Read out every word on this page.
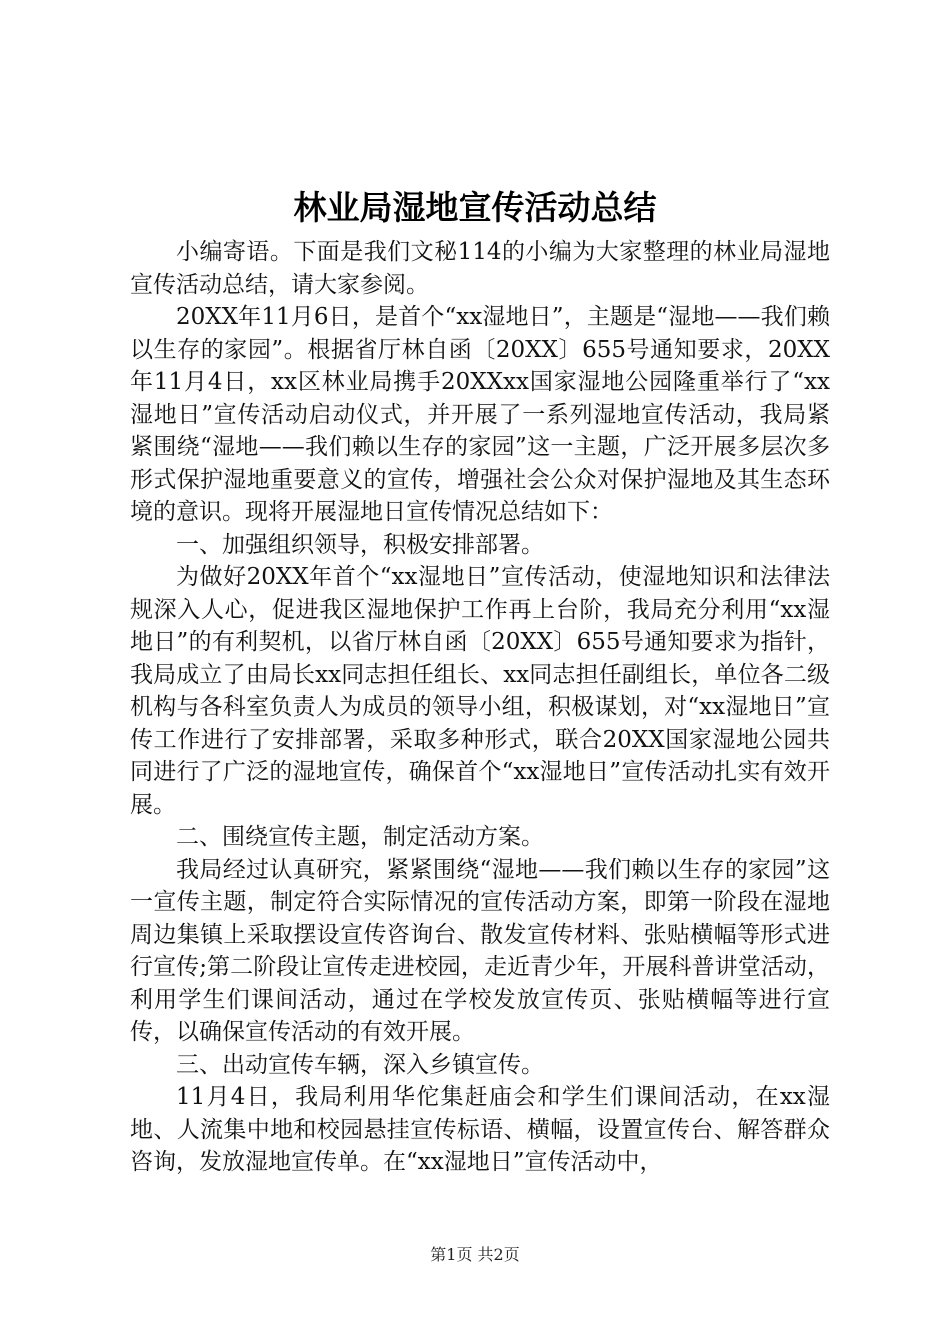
林业局湿地宣传活动总结

小编寄语。下面是我们文秘114的小编为大家整理的林业局湿地宣传活动总结，请大家参阅。

20XX年11月6日，是首个“xx湿地日”，主题是“湿地——我们赖以生存的家园”。根据省厅林自函〔20XX〕655号通知要求，20XX年11月4日，xx区林业局携手20XXxx国家湿地公园隆重举行了“xx湿地日”宣传活动启动仪式，并开展了一系列湿地宣传活动，我局紧紧围绕“湿地——我们赖以生存的家园”这一主题，广泛开展多层次多形式保护湿地重要意义的宣传，增强社会公众对保护湿地及其生态环境的意识。现将开展湿地日宣传情况总结如下：

一、加强组织领导，积极安排部署。

为做好20XX年首个“xx湿地日”宣传活动，使湿地知识和法律法规深入人心，促进我区湿地保护工作再上台阶，我局充分利用“xx湿地日”的有利契机，以省厅林自函〔20XX〕655号通知要求为指针，我局成立了由局长xx同志担任组长、xx同志担任副组长，单位各二级机构与各科室负责人为成员的领导小组，积极谋划，对“xx湿地日”宣传工作进行了安排部署，采取多种形式，联合20XX国家湿地公园共同进行了广泛的湿地宣传，确保首个“xx湿地日”宣传活动扎实有效开展。

二、围绕宣传主题，制定活动方案。

我局经过认真研究，紧紧围绕“湿地——我们赖以生存的家园”这一宣传主题，制定符合实际情况的宣传活动方案，即第一阶段在湿地周边集镇上采取摆设宣传咨询台、散发宣传材料、张贴横幅等形式进行宣传;第二阶段让宣传走进校园，走近青少年，开展科普讲堂活动，利用学生们课间活动，通过在学校发放宣传页、张贴横幅等进行宣传，以确保宣传活动的有效开展。

三、出动宣传车辆，深入乡镇宣传。

11月4日，我局利用华佗集赶庙会和学生们课间活动，在xx湿地、人流集中地和校园悬挂宣传标语、横幅，设置宣传台、解答群众咨询，发放湿地宣传单。在“xx湿地日”宣传活动中，

第1页 共2页
